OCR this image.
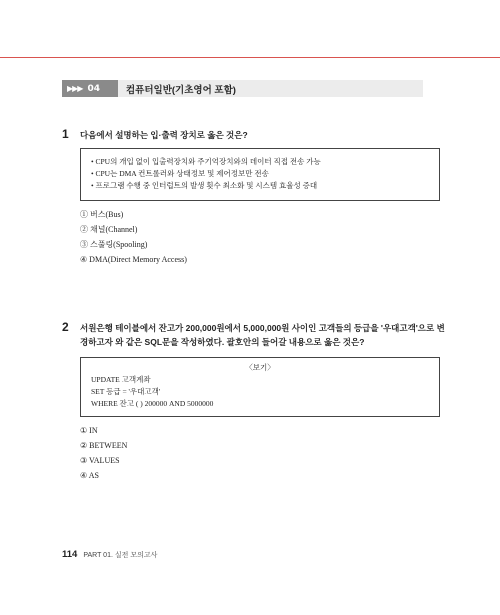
▶▶▶ 04	컴퓨터일반(기초영어 포함)
1 다음에서 설명하는 입·출력 장치로 옳은 것은?
• CPU의 개입 없이 입출력장치와 주기억장치와의 데이터 직접 전송 가능
• CPU는 DMA 컨트롤러와 상태정보 및 제어정보만 전송
• 프로그램 수행 중 인터럽트의 발생 횟수 최소화 및 시스템 효율성 증대
① 버스(Bus)
② 채널(Channel)
③ 스풀링(Spooling)
④ DMA(Direct Memory Access)
2 서원은행 테이블에서 잔고가 200,000원에서 5,000,000원 사이인 고객들의 등급을 '우대고객'으로 변
경하고자 와 같은 SQL문을 작성하였다. 괄호안의 들어갈 내용으로 옳은 것은?
〈보기〉
UPDATE 고객계좌
SET 등급 = '우대고객'
WHERE 잔고 ( ) 200000 AND 5000000
① IN
② BETWEEN
③ VALUES
④ AS
114 PART 01. 실전 모의고사
